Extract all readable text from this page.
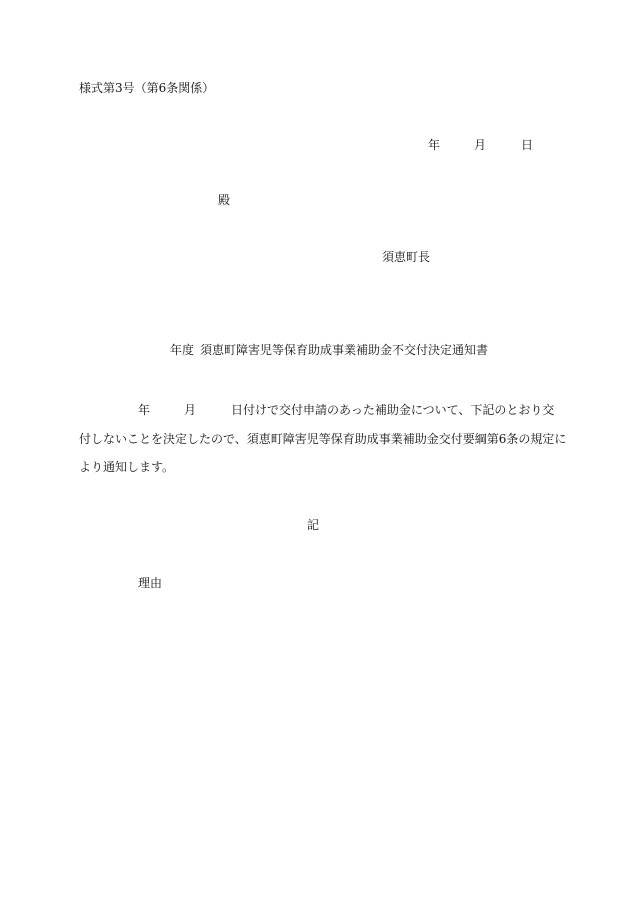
様式第3号（第6条関係）
年	月	日
殿
須恵町長
年度 須恵町障害児等保育助成事業補助金不交付決定通知書
年	月	日付けで交付申請のあった補助金について、下記のとおり交
付しないことを決定したので、須恵町障害児等保育助成事業補助金交付要綱第6条の規定に
より通知します。
記
理由
